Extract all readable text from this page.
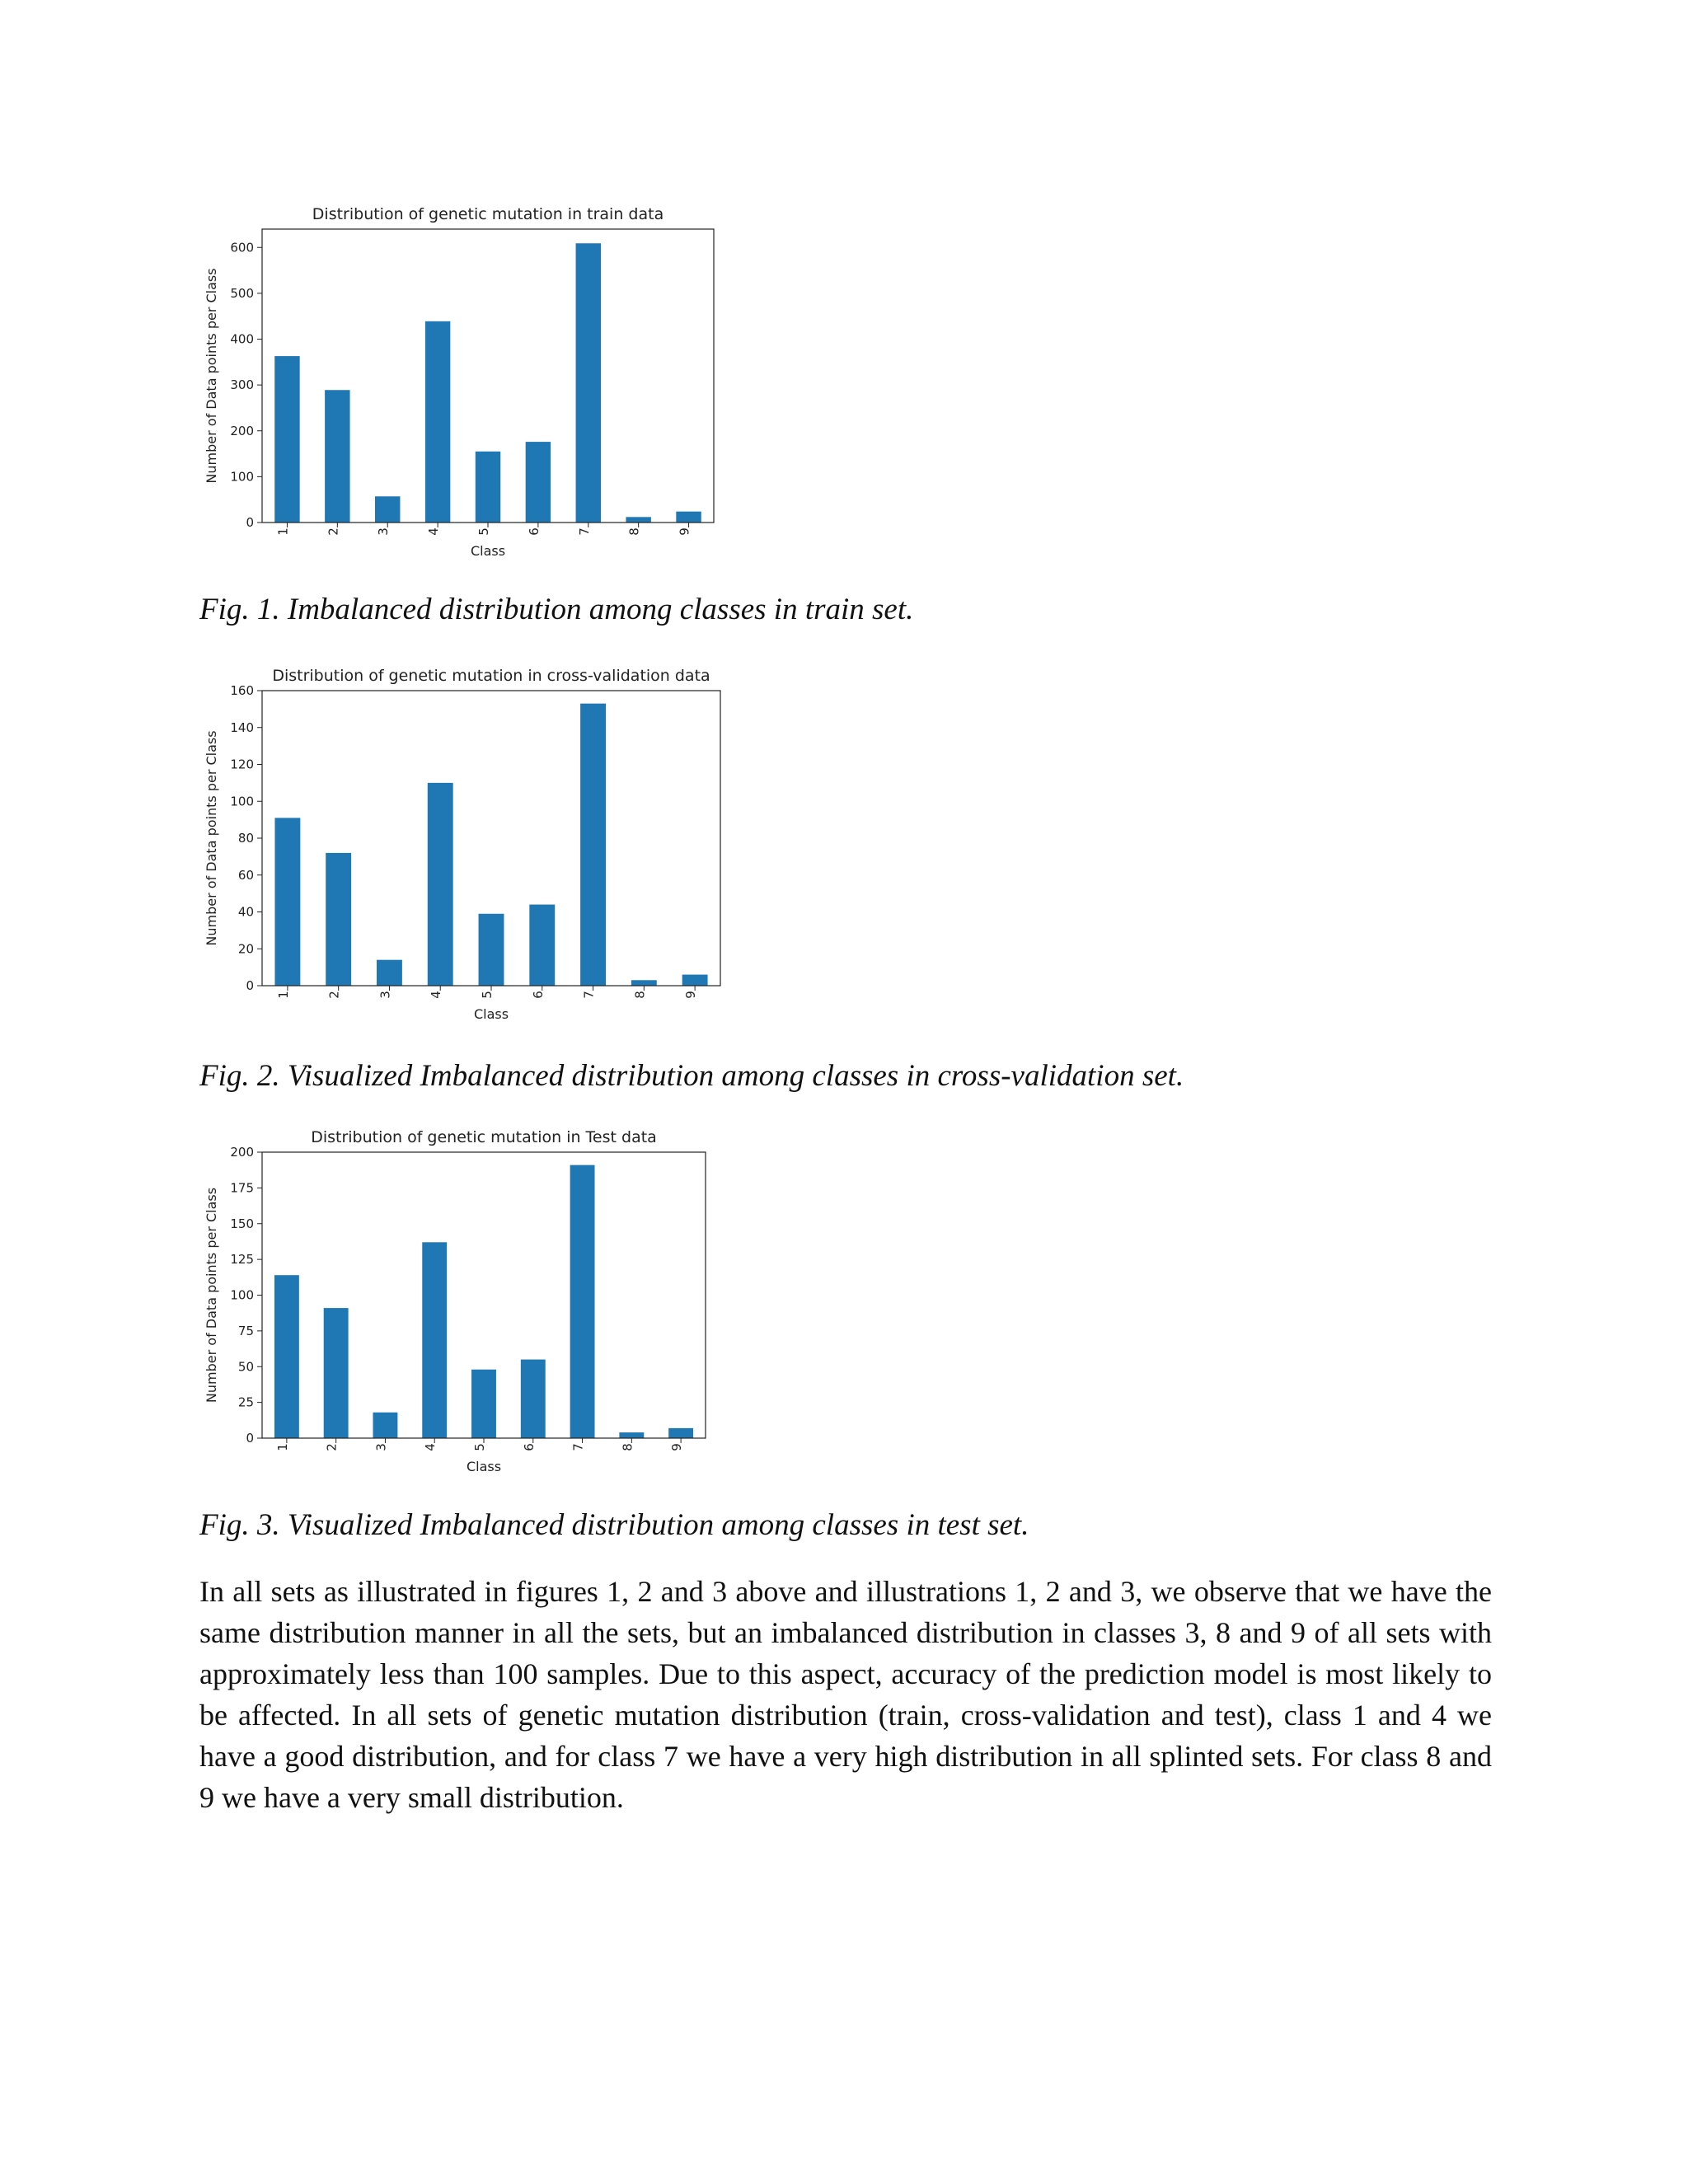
Distribution of genetic mutation in train data
1	2	3	4	5	6	7	8	9
0
100
200
300
400
500
600
Class
Number of Data points per Class

Fig. 1. Imbalanced distribution among classes in train set.

Distribution of genetic mutation in cross-validation data
1	2	3	4	5	6	7	8	9
0
20
40
60
80
100
120
140
160
Class
Number of Data points per Class

Fig. 2. Visualized Imbalanced distribution among classes in cross-validation set.

Distribution of genetic mutation in Test data
1	2	3	4	5	6	7	8	9
0
25
50
75
100
125
150
175
200
Class
Number of Data points per Class

Fig. 3. Visualized Imbalanced distribution among classes in test set.

In all sets as illustrated in figures 1, 2 and 3 above and illustrations 1, 2 and 3, we observe that we have the same distribution manner in all the sets, but an imbalanced distribution in classes 3, 8 and 9 of all sets with approximately less than 100 samples. Due to this aspect, accuracy of the prediction model is most likely to be affected. In all sets of genetic mutation distribution (train, cross-validation and test), class 1 and 4 we have a good distribution, and for class 7 we have a very high distribution in all splinted sets. For class 8 and 9 we have a very small distribution.
